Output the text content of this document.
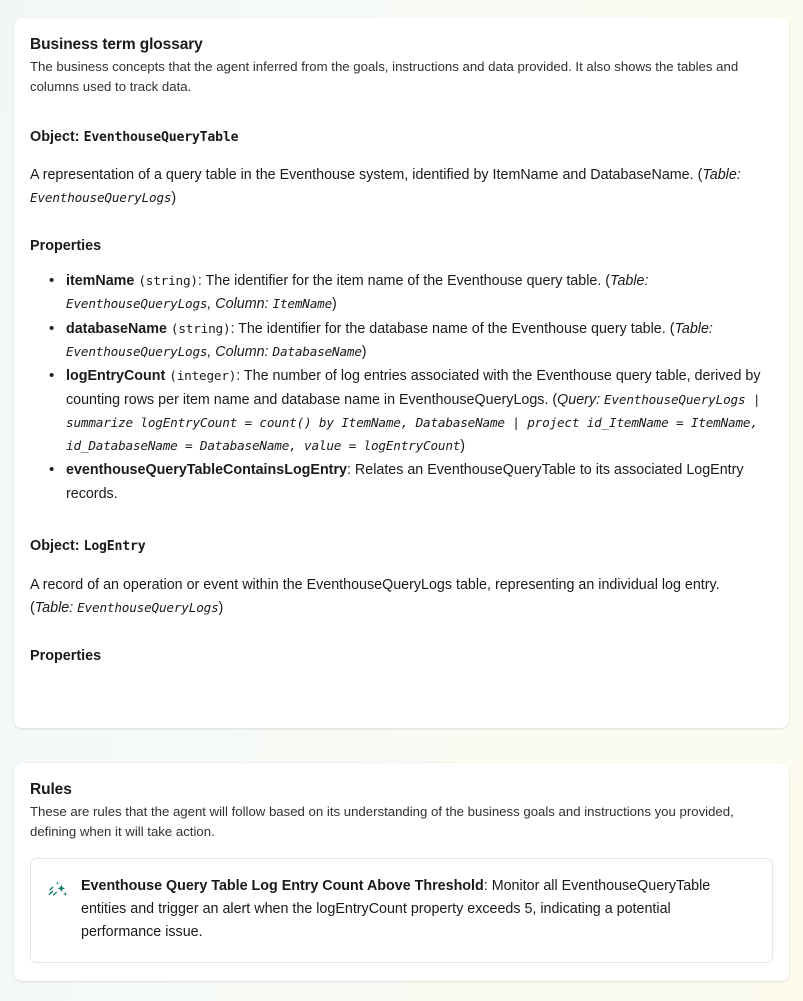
Business term glossary

The business concepts that the agent inferred from the goals, instructions and data provided. It also shows the tables and columns used to track data.

Object: EventhouseQueryTable

A representation of a query table in the Eventhouse system, identified by ItemName and DatabaseName. (Table: EventhouseQueryLogs)

Properties
• itemName (string): The identifier for the item name of the Eventhouse query table. (Table: EventhouseQueryLogs, Column: ItemName)
• databaseName (string): The identifier for the database name of the Eventhouse query table. (Table: EventhouseQueryLogs, Column: DatabaseName)
• logEntryCount (integer): The number of log entries associated with the Eventhouse query table, derived by counting rows per item name and database name in EventhouseQueryLogs. (Query: EventhouseQueryLogs | summarize logEntryCount = count() by ItemName, DatabaseName | project id_ItemName = ItemName, id_DatabaseName = DatabaseName, value = logEntryCount)
• eventhouseQueryTableContainsLogEntry: Relates an EventhouseQueryTable to its associated LogEntry records.
Object: LogEntry

A record of an operation or event within the EventhouseQueryLogs table, representing an individual log entry. (Table: EventhouseQueryLogs)

Properties
Rules

These are rules that the agent will follow based on its understanding of the business goals and instructions you provided, defining when it will take action.

Eventhouse Query Table Log Entry Count Above Threshold: Monitor all EventhouseQueryTable entities and trigger an alert when the logEntryCount property exceeds 5, indicating a potential performance issue.
